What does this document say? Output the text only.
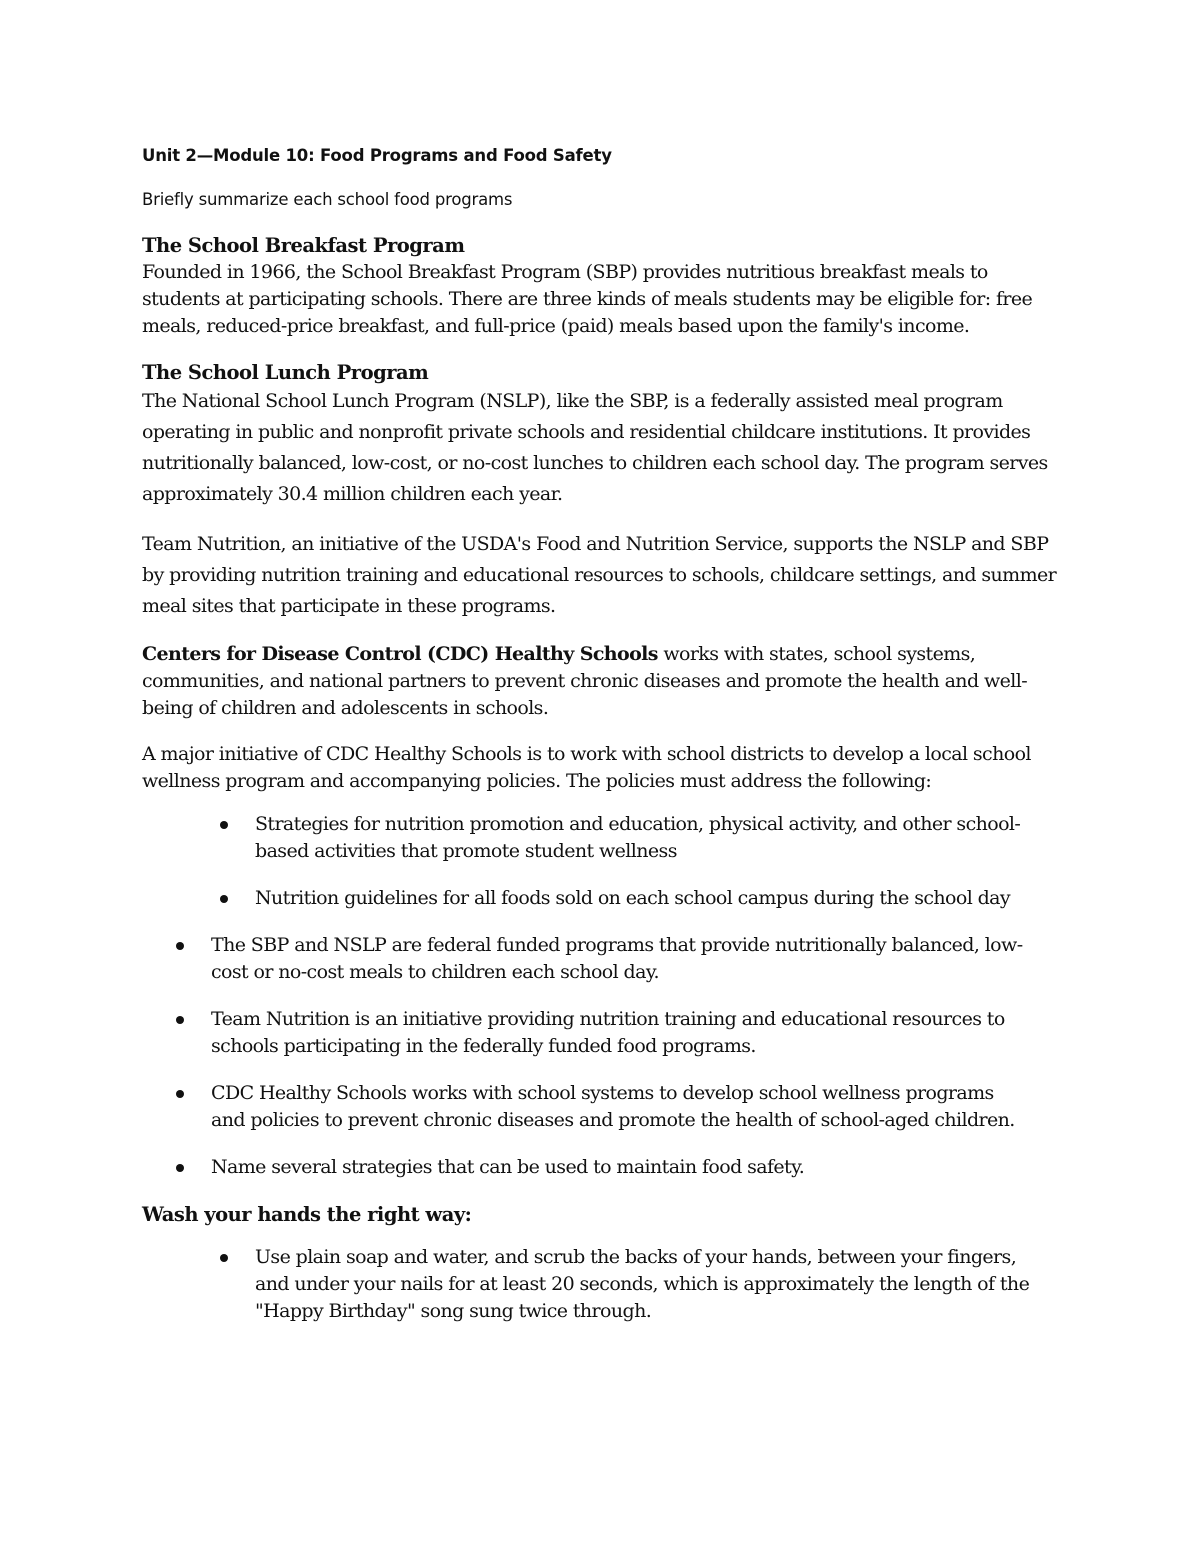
Unit 2—Module 10: Food Programs and Food Safety

Briefly summarize each school food programs

The School Breakfast Program

Founded in 1966, the School Breakfast Program (SBP) provides nutritious breakfast meals to students at participating schools. There are three kinds of meals students may be eligible for: free meals, reduced-price breakfast, and full-price (paid) meals based upon the family's income.

The School Lunch Program

The National School Lunch Program (NSLP), like the SBP, is a federally assisted meal program operating in public and nonprofit private schools and residential childcare institutions. It provides nutritionally balanced, low-cost, or no-cost lunches to children each school day. The program serves approximately 30.4 million children each year.

Team Nutrition, an initiative of the USDA's Food and Nutrition Service, supports the NSLP and SBP by providing nutrition training and educational resources to schools, childcare settings, and summer meal sites that participate in these programs.

Centers for Disease Control (CDC) Healthy Schools works with states, school systems, communities, and national partners to prevent chronic diseases and promote the health and well-being of children and adolescents in schools.

A major initiative of CDC Healthy Schools is to work with school districts to develop a local school wellness program and accompanying policies. The policies must address the following:

Strategies for nutrition promotion and education, physical activity, and other school-based activities that promote student wellness
Nutrition guidelines for all foods sold on each school campus during the school day
The SBP and NSLP are federal funded programs that provide nutritionally balanced, low-cost or no-cost meals to children each school day.
Team Nutrition is an initiative providing nutrition training and educational resources to schools participating in the federally funded food programs.
CDC Healthy Schools works with school systems to develop school wellness programs and policies to prevent chronic diseases and promote the health of school-aged children.
Name several strategies that can be used to maintain food safety.
Wash your hands the right way:
Use plain soap and water, and scrub the backs of your hands, between your fingers, and under your nails for at least 20 seconds, which is approximately the length of the "Happy Birthday" song sung twice through.
